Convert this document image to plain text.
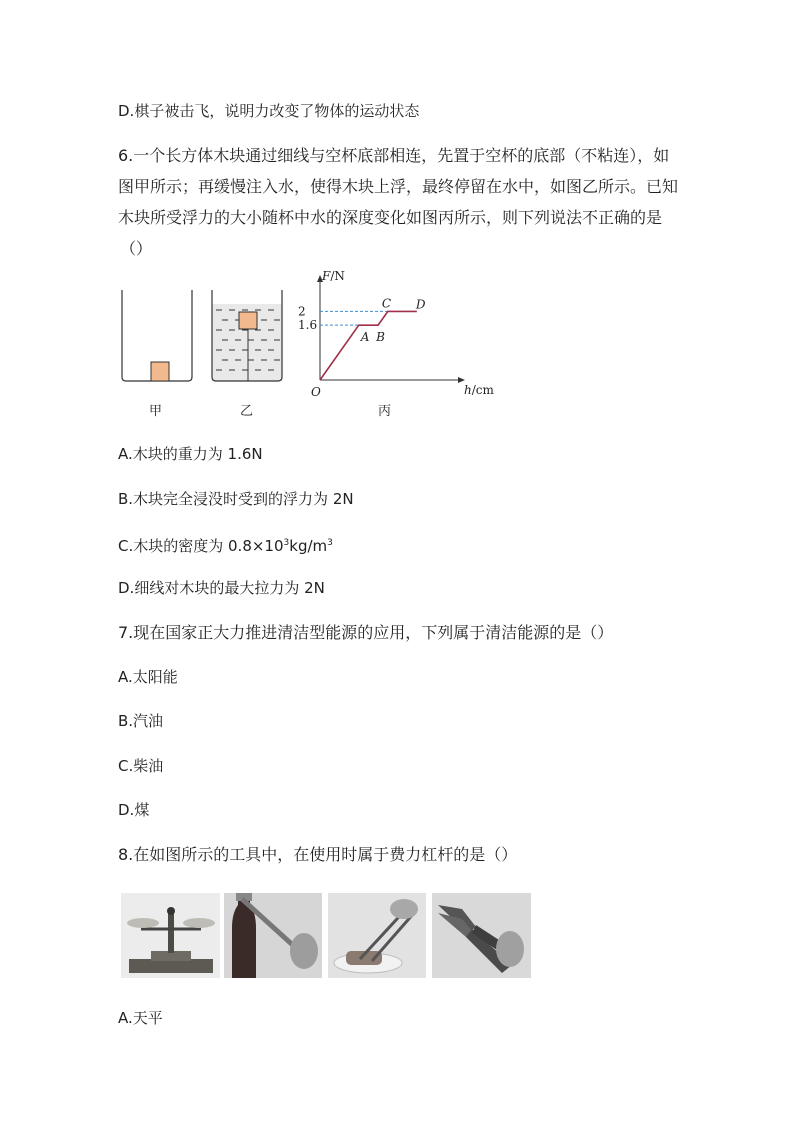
D.棋子被击飞，说明力改变了物体的运动状态
6.一个长方体木块通过细线与空杯底部相连，先置于空杯的底部（不粘连），如
图甲所示；再缓慢注入水，使得木块上浮，最终停留在水中，如图乙所示。已知
木块所受浮力的大小随杯中水的深度变化如图丙所示，则下列说法不正确的是
（）
甲	乙
A B
C D
O
1.6
2
F/N
h/cm
丙
A.木块的重力为 1.6N
B.木块完全浸没时受到的浮力为 2N
C.木块的密度为 $0.8\times 10^3kg/m^3$
D.细线对木块的最大拉力为 2N
7.现在国家正大力推进清洁型能源的应用，下列属于清洁能源的是（）
A.太阳能
B.汽油
C.柴油
D.煤
8.在如图所示的工具中，在使用时属于费力杠杆的是（）
A.天平
